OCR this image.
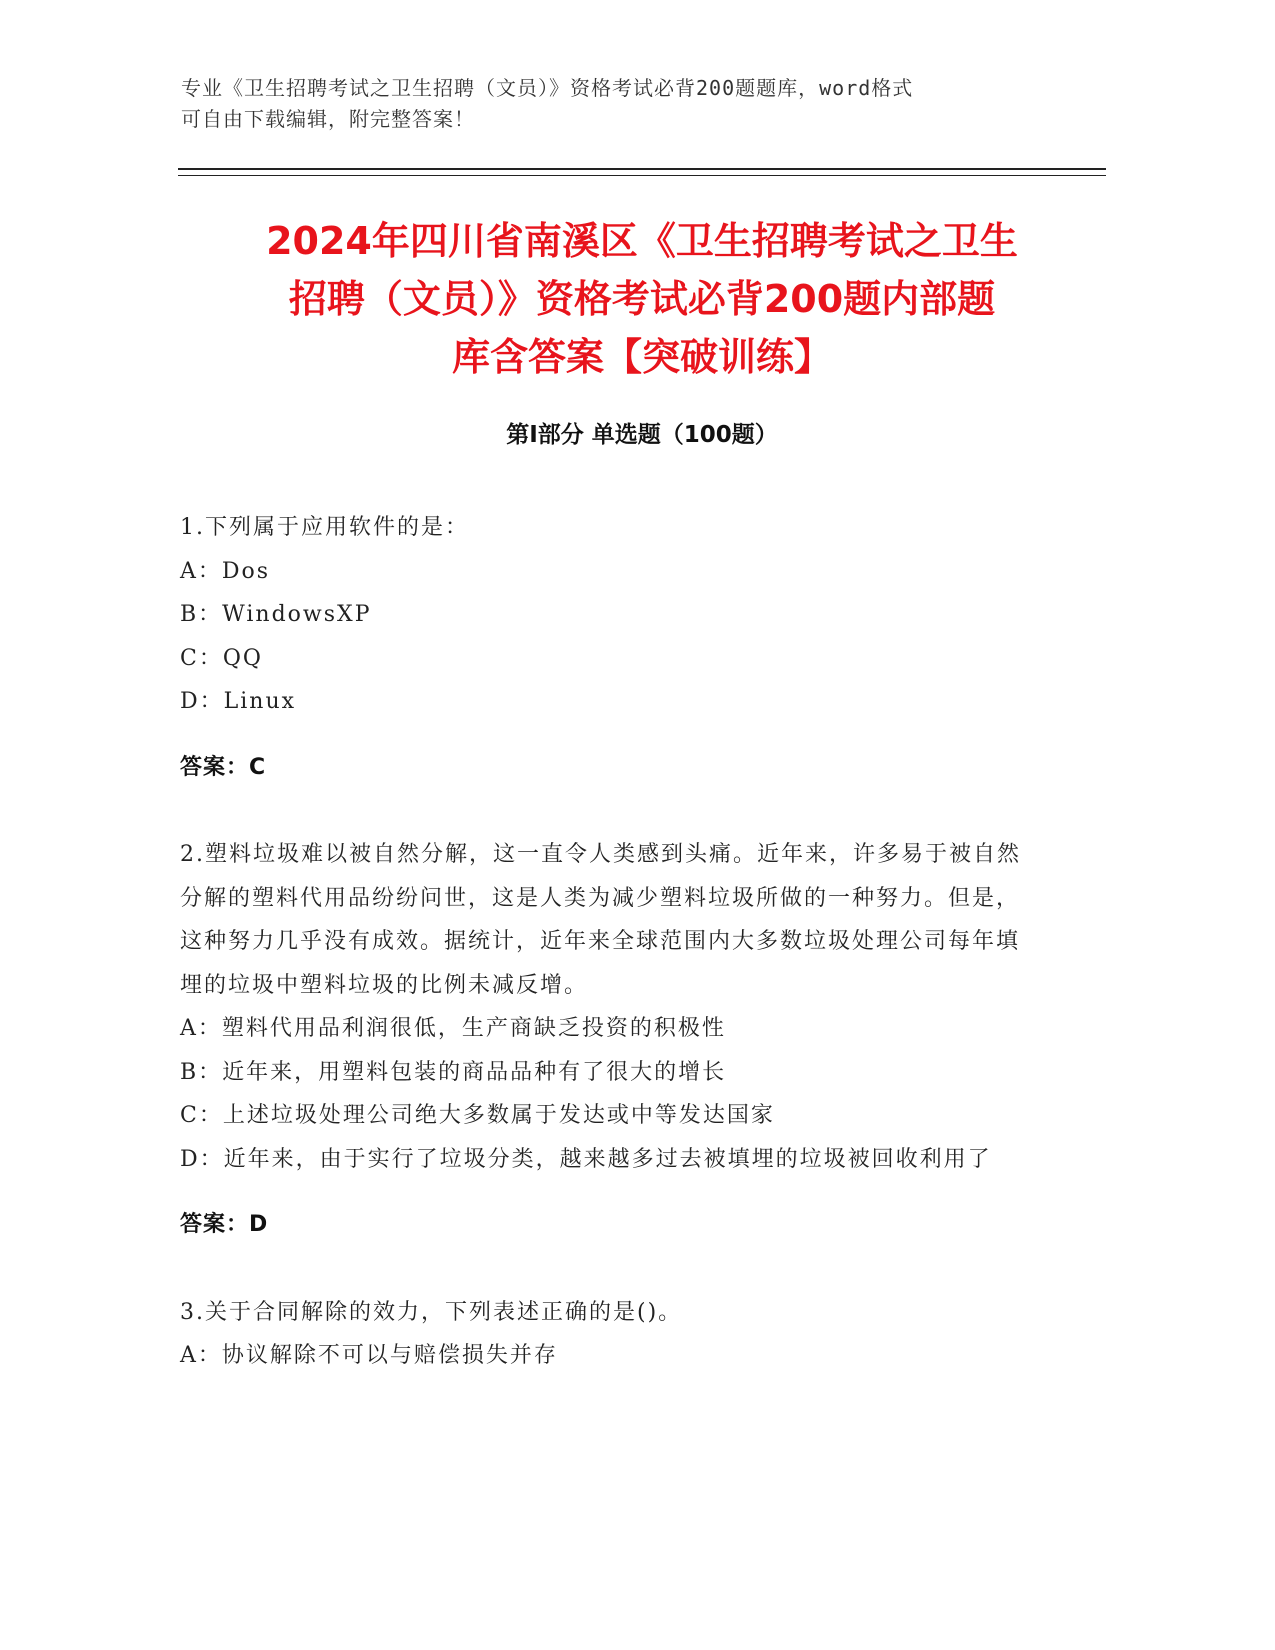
专业《卫生招聘考试之卫生招聘（文员）》资格考试必背200题题库，word格式
可自由下载编辑，附完整答案！
2024年四川省南溪区《卫生招聘考试之卫生
招聘（文员）》资格考试必背200题内部题
库含答案【突破训练】
第Ⅰ部分 单选题（100题）

1.下列属于应用软件的是：

A：Dos

B：WindowsXP

C：QQ

D：Linux

答案：C

2.塑料垃圾难以被自然分解，这一直令人类感到头痛。近年来，许多易于被自然分解的塑料代用品纷纷问世，这是人类为减少塑料垃圾所做的一种努力。但是，这种努力几乎没有成效。据统计，近年来全球范围内大多数垃圾处理公司每年填埋的垃圾中塑料垃圾的比例未减反增。

A：塑料代用品利润很低，生产商缺乏投资的积极性

B：近年来，用塑料包装的商品品种有了很大的增长

C：上述垃圾处理公司绝大多数属于发达或中等发达国家

D：近年来，由于实行了垃圾分类，越来越多过去被填埋的垃圾被回收利用了

答案：D

3.关于合同解除的效力，下列表述正确的是()。

A：协议解除不可以与赔偿损失并存
